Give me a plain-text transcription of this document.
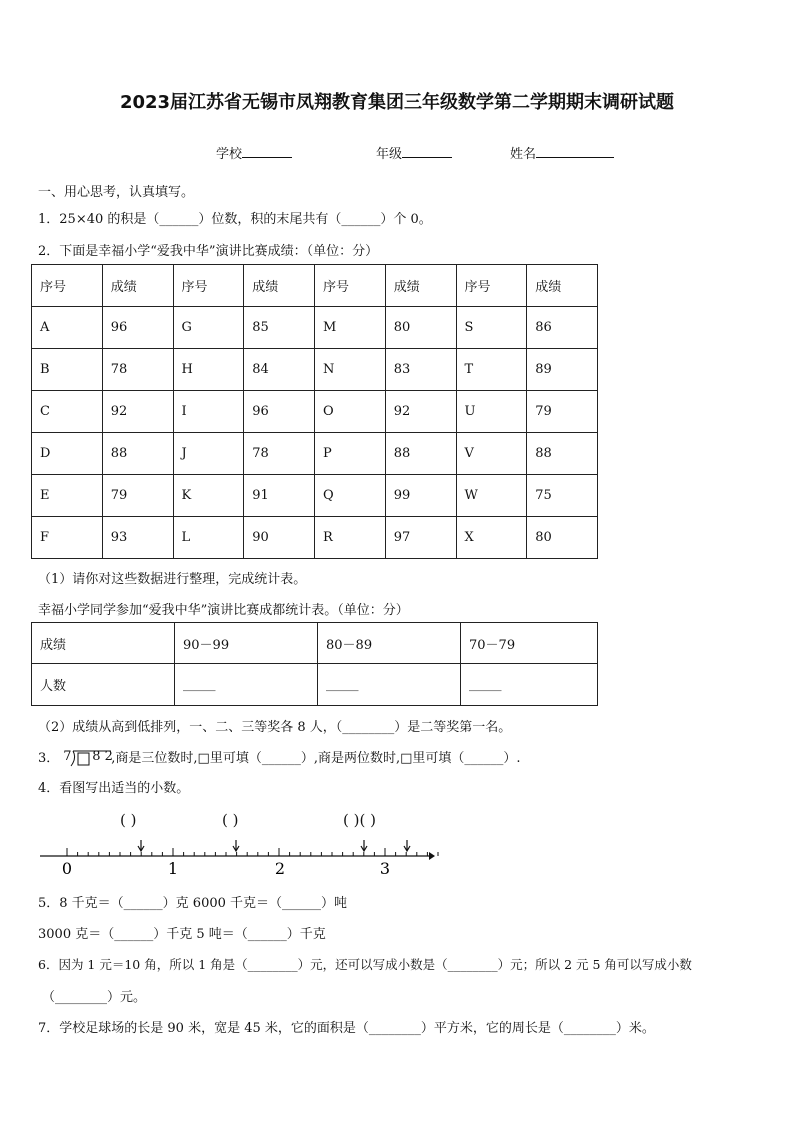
2023届江苏省无锡市凤翔教育集团三年级数学第二学期期末调研试题
学校	年级	姓名
一、用心思考，认真填写。
1．25×40 的积是（______）位数，积的末尾共有（______）个 0。
2．下面是幸福小学“爱我中华”演讲比赛成绩：（单位：分）
序号	成绩	序号	成绩	序号	成绩	序号	成绩
A	96	G	85	M	80	S	86
B	78	H	84	N	83	T	89
C	92	I	96	O	92	U	79
D	88	J	78	P	88	V	88
E	79	K	91	Q	99	W	75
F	93	L	90	R	97	X	80
（1）请你对这些数据进行整理，完成统计表。
幸福小学同学参加“爱我中华”演讲比赛成都统计表。（单位：分）
成绩	90－99	80－89	70－79
人数	_____	_____	_____
（2）成绩从高到低排列，一、二、三等奖各 8 人，（________）是二等奖第一名。
3． 7 8 2
,商是三位数时,□里可填（______）,商是两位数时,□里可填（______）.
4．看图写出适当的小数。
( )	( )	( )( )
0	1	2	3
5．8 千克＝（______）克 6000 千克＝（______）吨
3000 克＝（______）千克 5 吨＝（______）千克
6．因为 1 元＝10 角，所以 1 角是（________）元，还可以写成小数是（________）元；所以 2 元 5 角可以写成小数
（________）元。
7．学校足球场的长是 90 米，宽是 45 米，它的面积是（________）平方米，它的周长是（________）米。
